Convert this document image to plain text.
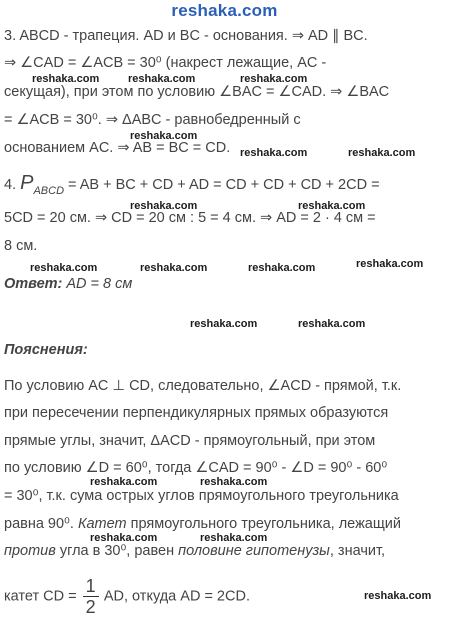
reshaka.com
3. ABCD - трапеция. AD и BC - основания. ⇒ AD ∥ BC.
⇒ ∠CAD = ∠ACB = 30⁰ (накрест лежащие, AC -
секущая), при этом по условию ∠BAC = ∠CAD. ⇒ ∠BAC
= ∠ACB = 30⁰. ⇒ ΔABC - равнобедренный с
основанием AC. ⇒ AB = BC = CD.
4. $P_{ABCD}$ = AB + BC + CD + AD = CD + CD + CD + 2CD =
5CD = 20 см. ⇒ CD = 20 см : 5 = 4 см. ⇒ AD = 2 · 4 см =
8 см.
Ответ: AD = 8 см
Пояснения:
По условию AC ⊥ CD, следовательно, ∠ACD - прямой, т.к.
при пересечении перпендикулярных прямых образуются
прямые углы, значит, ΔACD - прямоугольный, при этом
по условию ∠D = 60⁰, тогда ∠CAD = 90⁰ - ∠D = 90⁰ - 60⁰
= 30⁰, т.к. сума острых углов прямоугольного треугольника
равна 90⁰. Катет прямоугольного треугольника, лежащий
против угла в 30⁰, равен половине гипотенузы, значит,
катет CD = $\frac{1}{2}$ AD, откуда AD = 2CD.
reshaka.com	reshaka.com	reshaka.com
reshaka.com
reshaka.com	reshaka.com
reshaka.com	reshaka.com
reshaka.com	reshaka.com	reshaka.com	reshaka.com
reshaka.com	reshaka.com
reshaka.com	reshaka.com
reshaka.com	reshaka.com
reshaka.com
